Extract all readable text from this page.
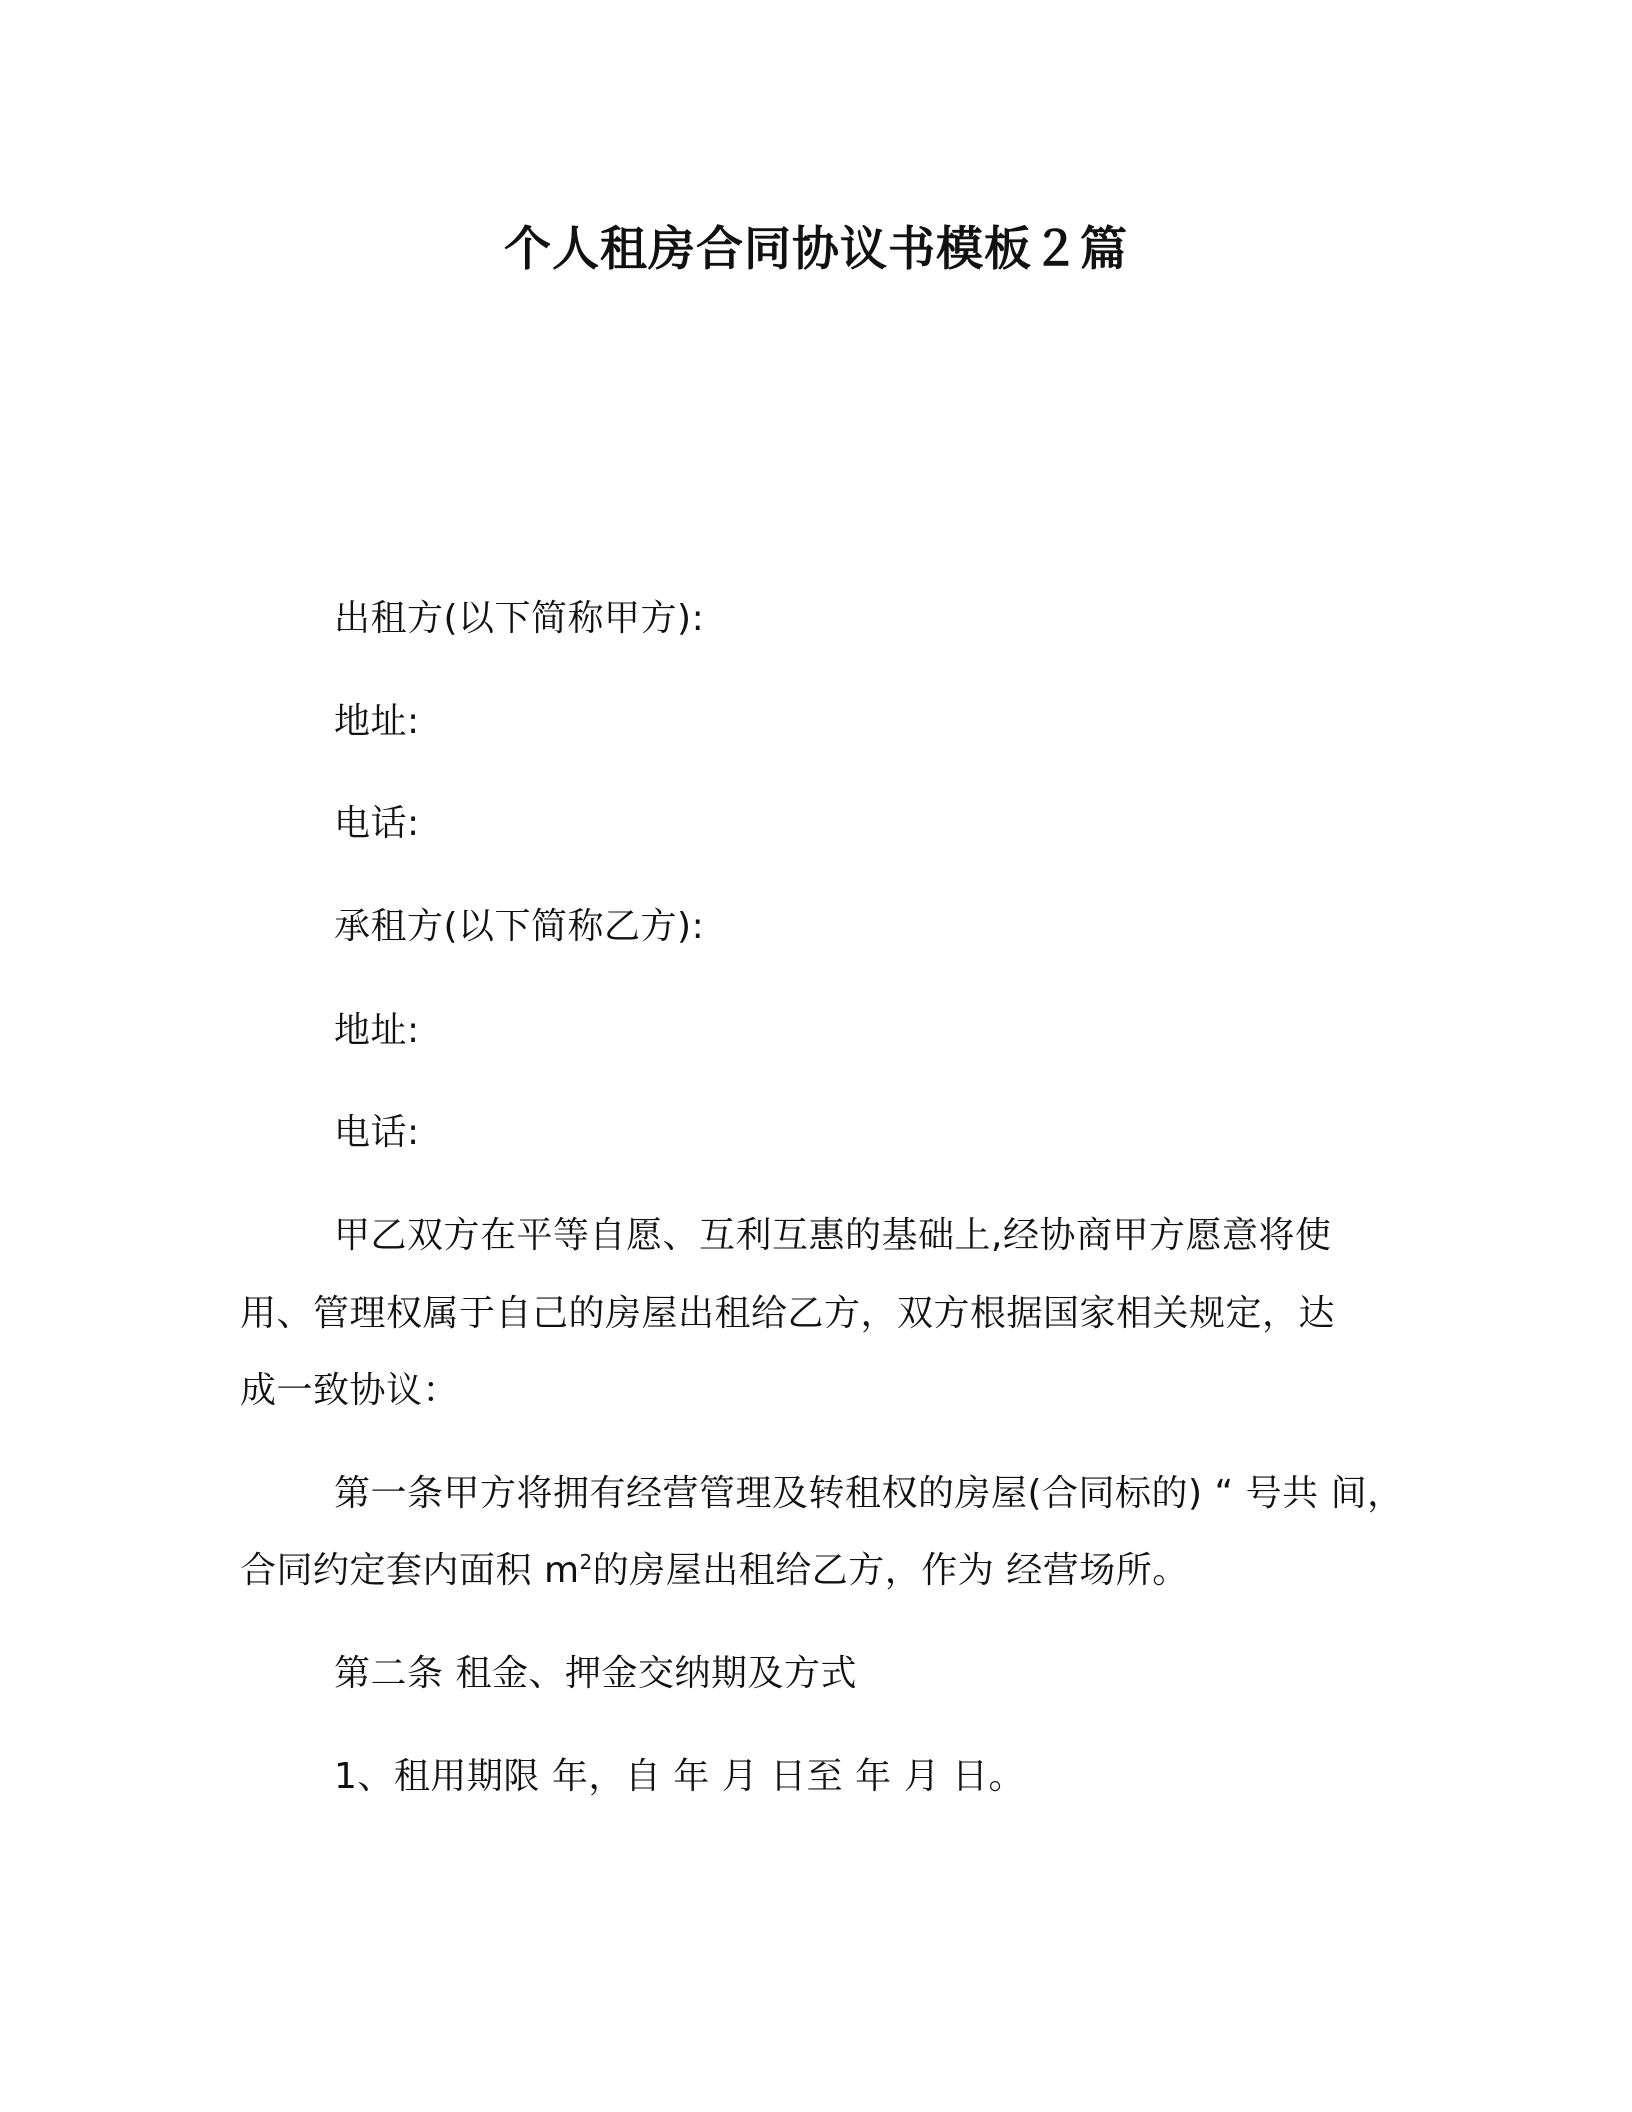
个人租房合同协议书模板２篇
出租方(以下简称甲方):
地址:
电话:
承租方(以下简称乙方):
地址:
电话:
甲乙双方在平等自愿、互利互惠的基础上,经协商甲方愿意将使
用、管理权属于自己的房屋出租给乙方，双方根据国家相关规定，达
成一致协议：
第一条甲方将拥有经营管理及转租权的房屋(合同标的) “ 号共 间，
合同约定套内面积 $m^2$的房屋出租给乙方，作为 经营场所。
第二条 租金、押金交纳期及方式
1、租用期限 年，自 年 月 日至 年 月 日。
